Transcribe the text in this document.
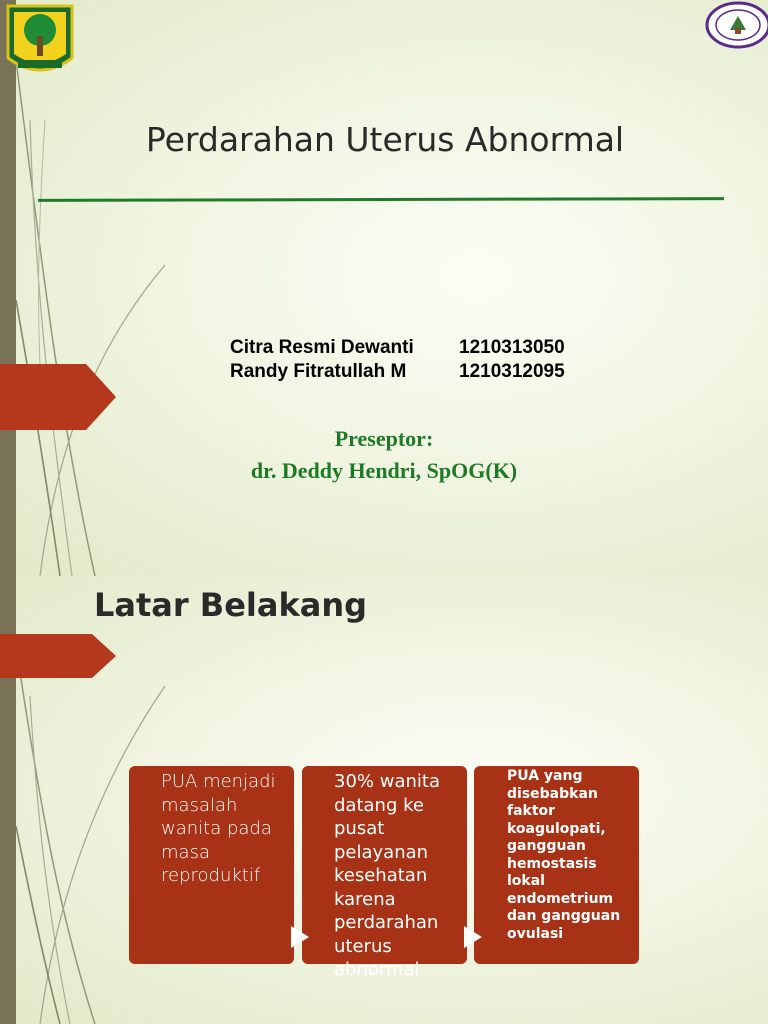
Perdarahan Uterus Abnormal
Citra Resmi Dewanti	1210313050
Randy Fitratullah M	1210312095
Preseptor:
dr. Deddy Hendri, SpOG(K)
Latar Belakang
PUA menjadi masalah wanita pada masa reproduktif
30% wanita datang ke pusat pelayanan kesehatan karena perdarahan uterus abnormal
PUA yang disebabkan faktor koagulopati, gangguan hemostasis lokal endometrium dan gangguan ovulasi
